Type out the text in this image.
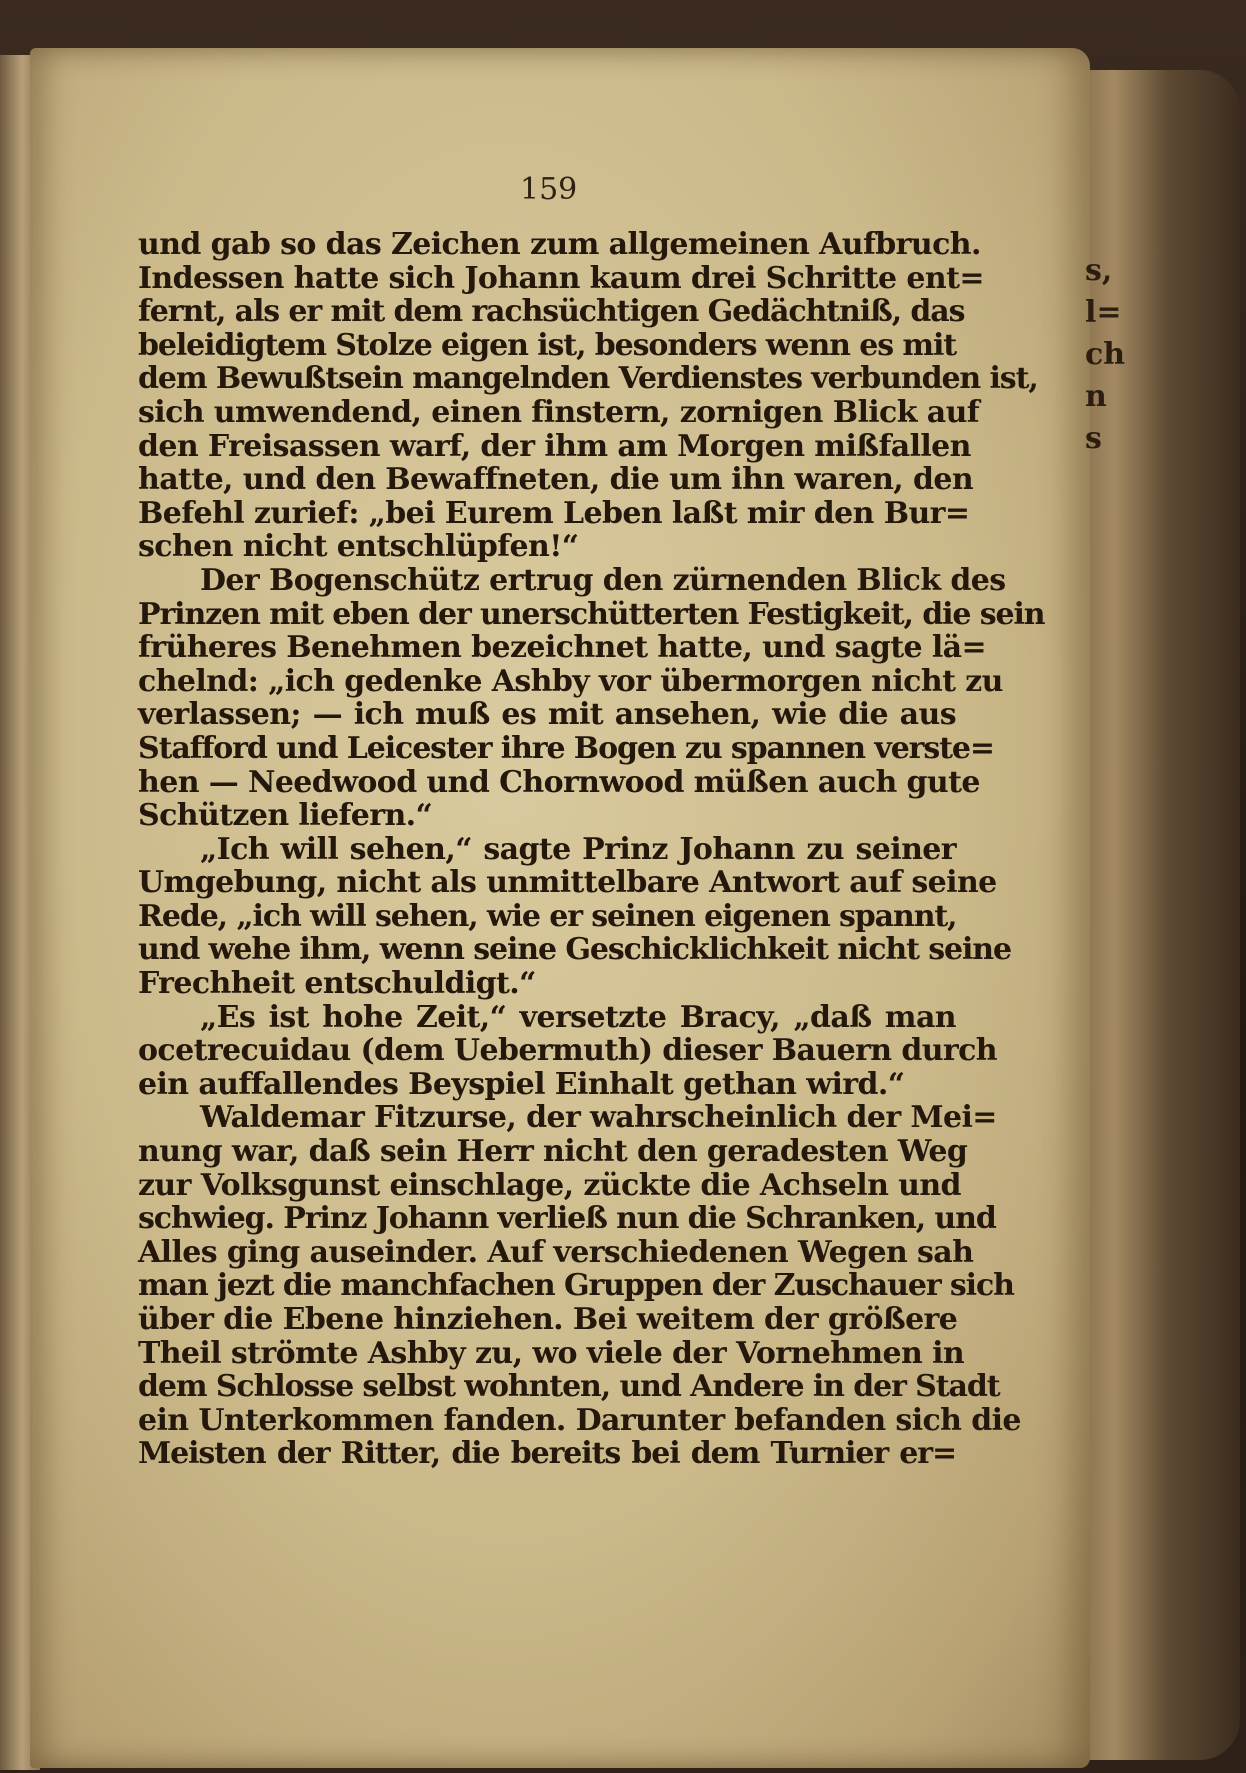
s,
l=
ch
n
s
159
und gab so das Zeichen zum allgemeinen Aufbruch.
Indessen hatte sich Johann kaum drei Schritte ent=
fernt, als er mit dem rachsüchtigen Gedächtniß, das
beleidigtem Stolze eigen ist, besonders wenn es mit
dem Bewußtsein mangelnden Verdienstes verbunden ist,
sich umwendend, einen finstern, zornigen Blick auf
den Freisassen warf, der ihm am Morgen mißfallen
hatte, und den Bewaffneten, die um ihn waren, den
Befehl zurief: „bei Eurem Leben laßt mir den Bur=
schen nicht entschlüpfen!“
Der Bogenschütz ertrug den zürnenden Blick des
Prinzen mit eben der unerschütterten Festigkeit, die sein
früheres Benehmen bezeichnet hatte, und sagte lä=
chelnd: „ich gedenke Ashby vor übermorgen nicht zu
verlassen; — ich muß es mit ansehen, wie die aus
Stafford und Leicester ihre Bogen zu spannen verste=
hen — Needwood und Chornwood müßen auch gute
Schützen liefern.“
„Ich will sehen,“ sagte Prinz Johann zu seiner
Umgebung, nicht als unmittelbare Antwort auf seine
Rede, „ich will sehen, wie er seinen eigenen spannt,
und wehe ihm, wenn seine Geschicklichkeit nicht seine
Frechheit entschuldigt.“
„Es ist hohe Zeit,“ versetzte Bracy, „daß man
ocetrecuidau (dem Uebermuth) dieser Bauern durch
ein auffallendes Beyspiel Einhalt gethan wird.“
Waldemar Fitzurse, der wahrscheinlich der Mei=
nung war, daß sein Herr nicht den geradesten Weg
zur Volksgunst einschlage, zückte die Achseln und
schwieg. Prinz Johann verließ nun die Schranken, und
Alles ging auseinder. Auf verschiedenen Wegen sah
man jezt die manchfachen Gruppen der Zuschauer sich
über die Ebene hinziehen. Bei weitem der größere
Theil strömte Ashby zu, wo viele der Vornehmen in
dem Schlosse selbst wohnten, und Andere in der Stadt
ein Unterkommen fanden. Darunter befanden sich die
Meisten der Ritter, die bereits bei dem Turnier er=
